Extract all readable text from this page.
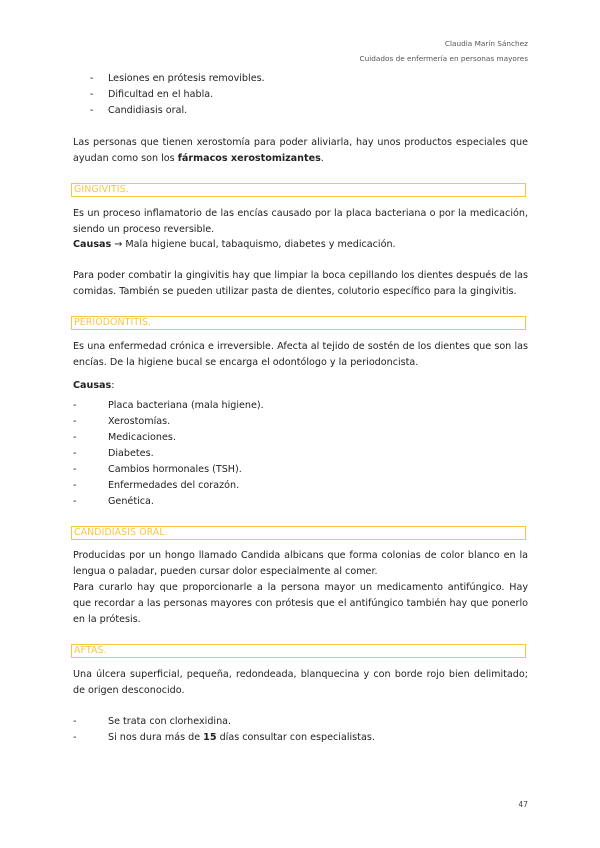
Claudia Marín Sánchez
Cuidados de enfermería en personas mayores
- Lesiones en prótesis removibles.
- Dificultad en el habla.
- Candidiasis oral.
Las personas que tienen xerostomía para poder aliviarla, hay unos productos especiales que ayudan como son los fármacos xerostomizantes.
GINGIVITIS.
Es un proceso inflamatorio de las encías causado por la placa bacteriana o por la medicación, siendo un proceso reversible.
Causas → Mala higiene bucal, tabaquismo, diabetes y medicación.
Para poder combatir la gingivitis hay que limpiar la boca cepillando los dientes después de las comidas. También se pueden utilizar pasta de dientes, colutorio específico para la gingivitis.
PERIODONTITIS.
Es una enfermedad crónica e irreversible. Afecta al tejido de sostén de los dientes que son las encías. De la higiene bucal se encarga el odontólogo y la periodoncista.
Causas:
-	Placa bacteriana (mala higiene).
-	Xerostomías.
-	Medicaciones.
-	Diabetes.
-	Cambios hormonales (TSH).
-	Enfermedades del corazón.
-	Genética.
CANDIDIASIS ORAL.
Producidas por un hongo llamado Candida albicans que forma colonias de color blanco en la lengua o paladar, pueden cursar dolor especialmente al comer.
Para curarlo hay que proporcionarle a la persona mayor un medicamento antifúngico. Hay que recordar a las personas mayores con prótesis que el antifúngico también hay que ponerlo en la prótesis.
AFTAS.
Una úlcera superficial, pequeña, redondeada, blanquecina y con borde rojo bien delimitado; de origen desconocido.
-	Se trata con clorhexidina.
-	Si nos dura más de 15 días consultar con especialistas.
47
